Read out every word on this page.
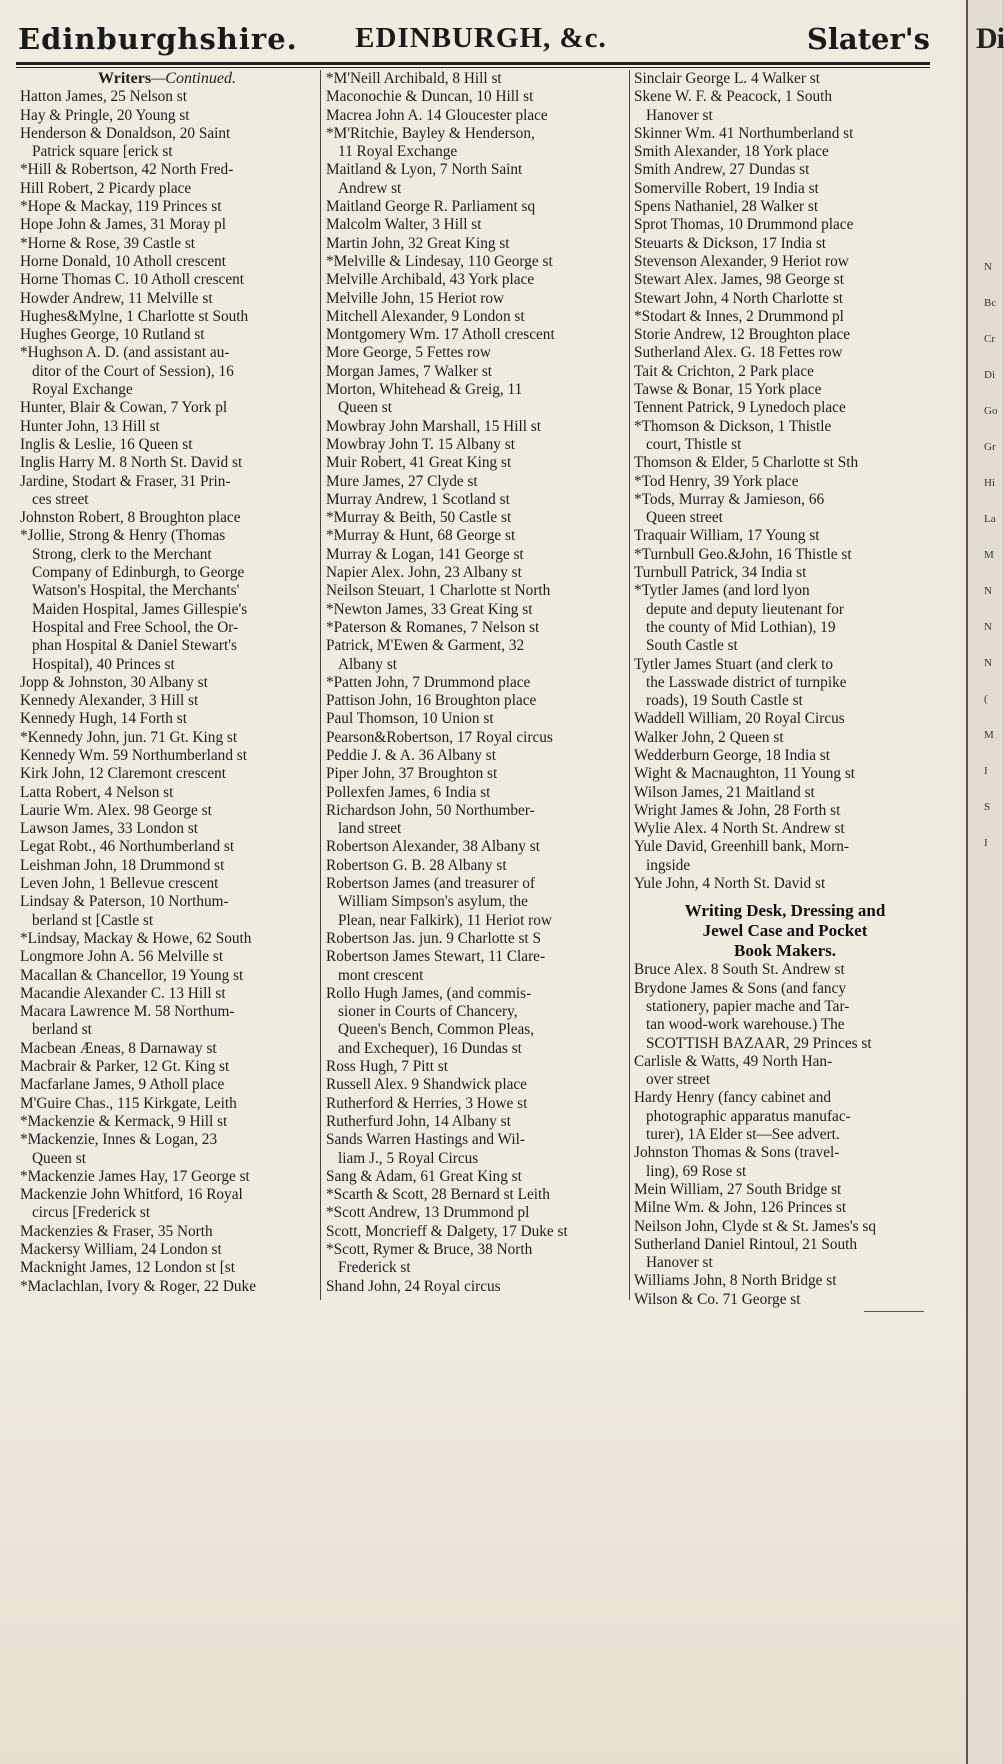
Edinburghshire.	EDINBURGH, &c.	Slater's
Writers—Continued.
Hatton James, 25 Nelson st
Hay & Pringle, 20 Young st
Henderson & Donaldson, 20 Saint
Patrick square [erick st
*Hill & Robertson, 42 North Fred-
Hill Robert, 2 Picardy place
*Hope & Mackay, 119 Princes st
Hope John & James, 31 Moray pl
*Horne & Rose, 39 Castle st
Horne Donald, 10 Atholl crescent
Horne Thomas C. 10 Atholl crescent
Howder Andrew, 11 Melville st
Hughes&Mylne, 1 Charlotte st South
Hughes George, 10 Rutland st
*Hughson A. D. (and assistant au-
ditor of the Court of Session), 16
Royal Exchange
Hunter, Blair & Cowan, 7 York pl
Hunter John, 13 Hill st
Inglis & Leslie, 16 Queen st
Inglis Harry M. 8 North St. David st
Jardine, Stodart & Fraser, 31 Prin-
ces street
Johnston Robert, 8 Broughton place
*Jollie, Strong & Henry (Thomas
Strong, clerk to the Merchant
Company of Edinburgh, to George
Watson's Hospital, the Merchants'
Maiden Hospital, James Gillespie's
Hospital and Free School, the Or-
phan Hospital & Daniel Stewart's
Hospital), 40 Princes st
Jopp & Johnston, 30 Albany st
Kennedy Alexander, 3 Hill st
Kennedy Hugh, 14 Forth st
*Kennedy John, jun. 71 Gt. King st
Kennedy Wm. 59 Northumberland st
Kirk John, 12 Claremont crescent
Latta Robert, 4 Nelson st
Laurie Wm. Alex. 98 George st
Lawson James, 33 London st
Legat Robt., 46 Northumberland st
Leishman John, 18 Drummond st
Leven John, 1 Bellevue crescent
Lindsay & Paterson, 10 Northum-
berland st [Castle st
*Lindsay, Mackay & Howe, 62 South
Longmore John A. 56 Melville st
Macallan & Chancellor, 19 Young st
Macandie Alexander C. 13 Hill st
Macara Lawrence M. 58 Northum-
berland st
Macbean Æneas, 8 Darnaway st
Macbrair & Parker, 12 Gt. King st
Macfarlane James, 9 Atholl place
M'Guire Chas., 115 Kirkgate, Leith
*Mackenzie & Kermack, 9 Hill st
*Mackenzie, Innes & Logan, 23
Queen st
*Mackenzie James Hay, 17 George st
Mackenzie John Whitford, 16 Royal
circus [Frederick st
Mackenzies & Fraser, 35 North
Mackersy William, 24 London st
Macknight James, 12 London st [st
*Maclachlan, Ivory & Roger, 22 Duke
*M'Neill Archibald, 8 Hill st
Maconochie & Duncan, 10 Hill st
Macrea John A. 14 Gloucester place
*M'Ritchie, Bayley & Henderson,
11 Royal Exchange
Maitland & Lyon, 7 North Saint
Andrew st
Maitland George R. Parliament sq
Malcolm Walter, 3 Hill st
Martin John, 32 Great King st
*Melville & Lindesay, 110 George st
Melville Archibald, 43 York place
Melville John, 15 Heriot row
Mitchell Alexander, 9 London st
Montgomery Wm. 17 Atholl crescent
More George, 5 Fettes row
Morgan James, 7 Walker st
Morton, Whitehead & Greig, 11
Queen st
Mowbray John Marshall, 15 Hill st
Mowbray John T. 15 Albany st
Muir Robert, 41 Great King st
Mure James, 27 Clyde st
Murray Andrew, 1 Scotland st
*Murray & Beith, 50 Castle st
*Murray & Hunt, 68 George st
Murray & Logan, 141 George st
Napier Alex. John, 23 Albany st
Neilson Steuart, 1 Charlotte st North
*Newton James, 33 Great King st
*Paterson & Romanes, 7 Nelson st
Patrick, M'Ewen & Garment, 32
Albany st
*Patten John, 7 Drummond place
Pattison John, 16 Broughton place
Paul Thomson, 10 Union st
Pearson&Robertson, 17 Royal circus
Peddie J. & A. 36 Albany st
Piper John, 37 Broughton st
Pollexfen James, 6 India st
Richardson John, 50 Northumber-
land street
Robertson Alexander, 38 Albany st
Robertson G. B. 28 Albany st
Robertson James (and treasurer of
William Simpson's asylum, the
Plean, near Falkirk), 11 Heriot row
Robertson Jas. jun. 9 Charlotte st S
Robertson James Stewart, 11 Clare-
mont crescent
Rollo Hugh James, (and commis-
sioner in Courts of Chancery,
Queen's Bench, Common Pleas,
and Exchequer), 16 Dundas st
Ross Hugh, 7 Pitt st
Russell Alex. 9 Shandwick place
Rutherford & Herries, 3 Howe st
Rutherfurd John, 14 Albany st
Sands Warren Hastings and Wil-
liam J., 5 Royal Circus
Sang & Adam, 61 Great King st
*Scarth & Scott, 28 Bernard st Leith
*Scott Andrew, 13 Drummond pl
Scott, Moncrieff & Dalgety, 17 Duke st
*Scott, Rymer & Bruce, 38 North
Frederick st
Shand John, 24 Royal circus
Sinclair George L. 4 Walker st
Skene W. F. & Peacock, 1 South
Hanover st
Skinner Wm. 41 Northumberland st
Smith Alexander, 18 York place
Smith Andrew, 27 Dundas st
Somerville Robert, 19 India st
Spens Nathaniel, 28 Walker st
Sprot Thomas, 10 Drummond place
Steuarts & Dickson, 17 India st
Stevenson Alexander, 9 Heriot row
Stewart Alex. James, 98 George st
Stewart John, 4 North Charlotte st
*Stodart & Innes, 2 Drummond pl
Storie Andrew, 12 Broughton place
Sutherland Alex. G. 18 Fettes row
Tait & Crichton, 2 Park place
Tawse & Bonar, 15 York place
Tennent Patrick, 9 Lynedoch place
*Thomson & Dickson, 1 Thistle
court, Thistle st
Thomson & Elder, 5 Charlotte st Sth
*Tod Henry, 39 York place
*Tods, Murray & Jamieson, 66
Queen street
Traquair William, 17 Young st
*Turnbull Geo.&John, 16 Thistle st
Turnbull Patrick, 34 India st
*Tytler James (and lord lyon
depute and deputy lieutenant for
the county of Mid Lothian), 19
South Castle st
Tytler James Stuart (and clerk to
the Lasswade district of turnpike
roads), 19 South Castle st
Waddell William, 20 Royal Circus
Walker John, 2 Queen st
Wedderburn George, 18 India st
Wight & Macnaughton, 11 Young st
Wilson James, 21 Maitland st
Wright James & John, 28 Forth st
Wylie Alex. 4 North St. Andrew st
Yule David, Greenhill bank, Morn-
ingside
Yule John, 4 North St. David st
Writing Desk, Dressing and
Jewel Case and Pocket
Book Makers.
Bruce Alex. 8 South St. Andrew st
Brydone James & Sons (and fancy
stationery, papier mache and Tar-
tan wood-work warehouse.) The
SCOTTISH BAZAAR, 29 Princes st
Carlisle & Watts, 49 North Han-
over street
Hardy Henry (fancy cabinet and
photographic apparatus manufac-
turer), 1A Elder st—See advert.
Johnston Thomas & Sons (travel-
ling), 69 Rose st
Mein William, 27 South Bridge st
Milne Wm. & John, 126 Princes st
Neilson John, Clyde st & St. James's sq
Sutherland Daniel Rintoul, 21 South
Hanover st
Williams John, 8 North Bridge st
Wilson & Co. 71 George st
Di
N
Bc
Cr
Di
Go
Gr
Hi
La
M
N
N
N
(
M
I
S
I
